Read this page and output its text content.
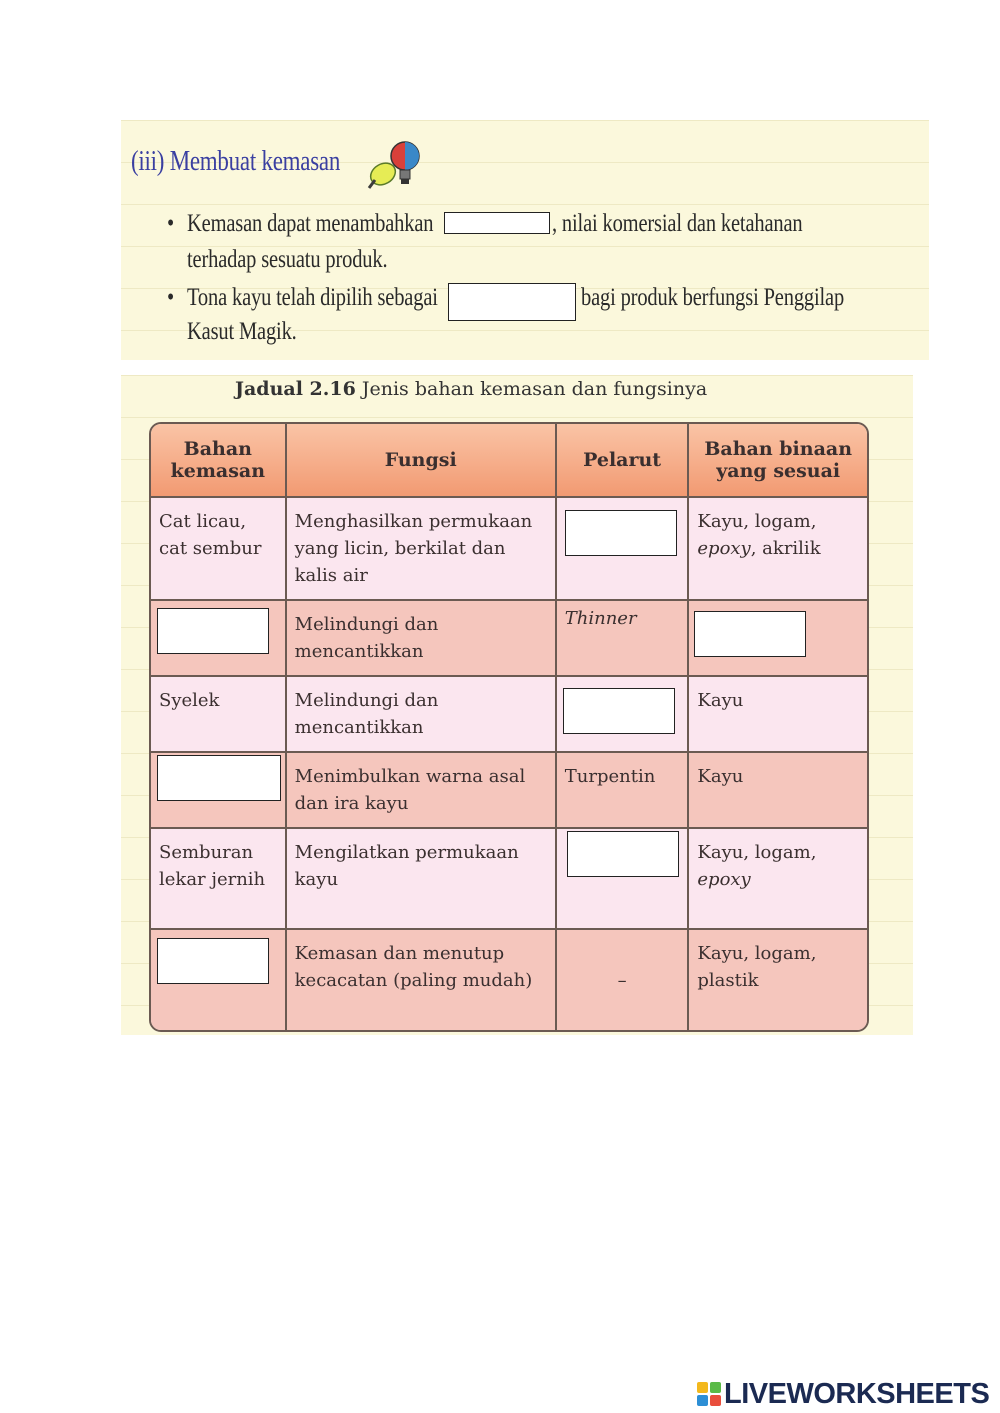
(iii) Membuat kemasan
• Kemasan dapat menambahkan	, nilai komersial dan ketahanan
terhadap sesuatu produk.
• Tona kayu telah dipilih sebagai	bagi produk berfungsi Penggilap
Kasut Magik.
Jadual 2.16 Jenis bahan kemasan dan fungsinya
Bahan kemasan	Fungsi	Pelarut	Bahan binaan yang sesuai
Cat licau, cat sembur	Menghasilkan permukaan yang licin, berkilat dan kalis air		Kayu, logam,
epoxy, akrilik

	Melindungi dan mencantikkan	Thinner	

Syelek	Melindungi dan mencantikkan		Kayu

	Menimbulkan warna asal dan ira kayu	Turpentin	Kayu
Semburan lekar jernih	Mengilatkan permukaan kayu		Kayu, logam,
epoxy

	Kemasan dan menutup kecacatan (paling mudah)	–	Kayu, logam, plastik
LIVEWORKSHEETS
